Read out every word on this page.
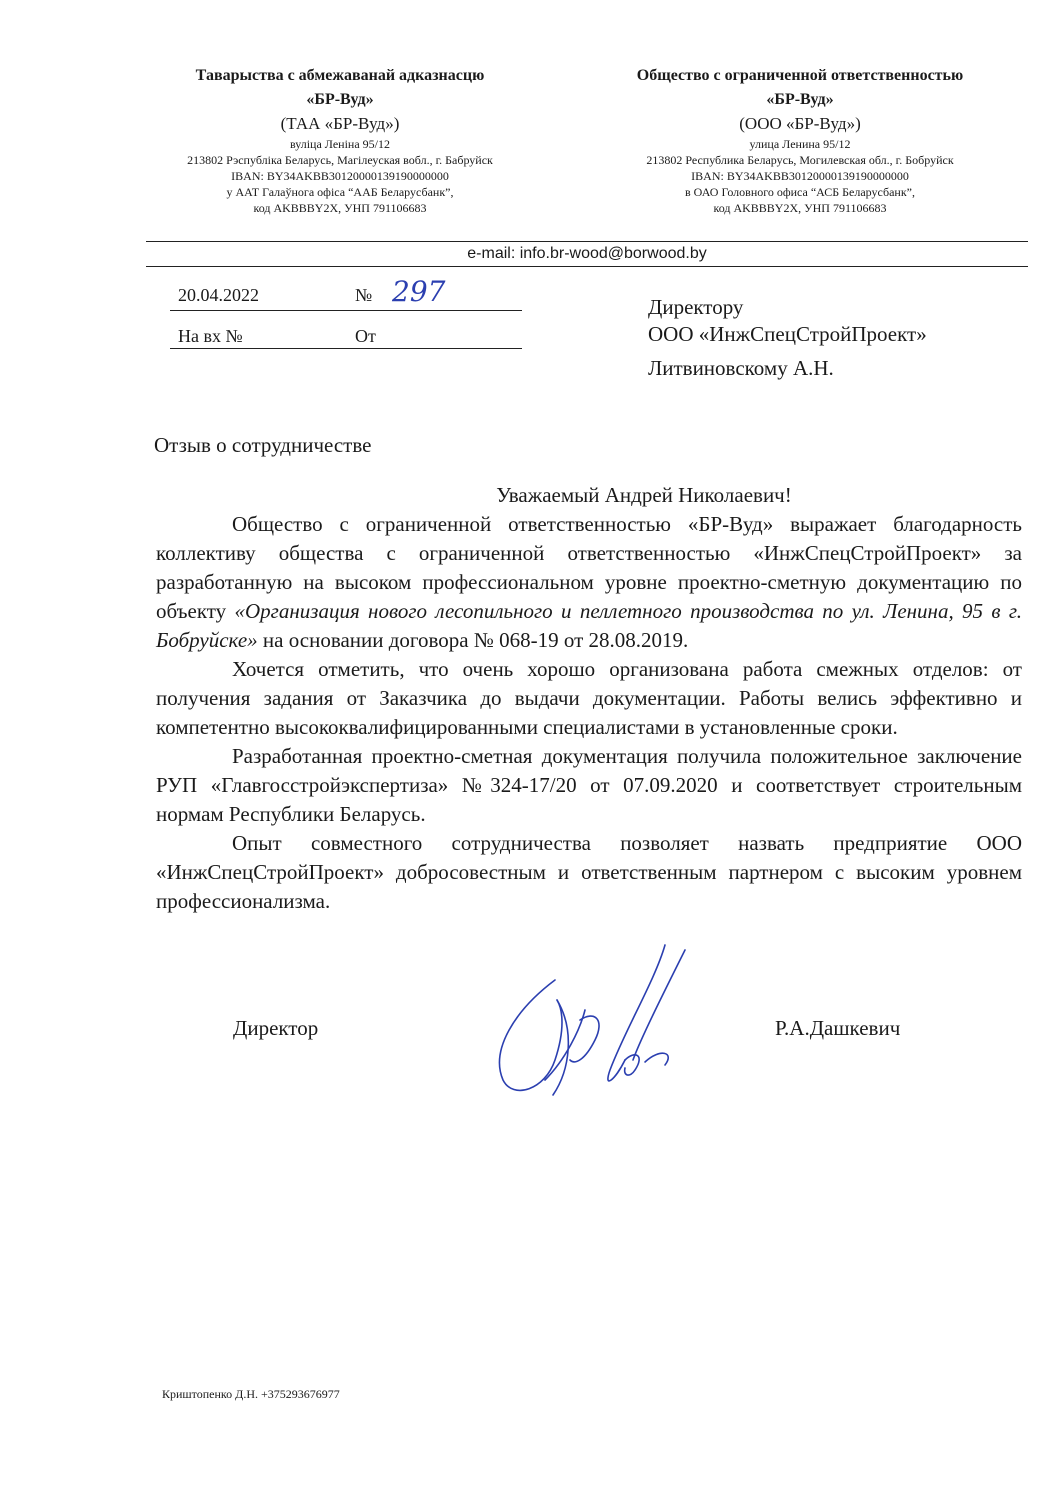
Таварыства с абмежаванай адказнасцю
«БР-Вуд»
(ТАА «БР-Вуд»)
вуліца Леніна 95/12
213802 Рэспубліка Беларусь, Магілеуская вобл., г. Бабруйск
IBAN: BY34AKBB30120000139190000000
у ААТ Галаўнога офіса “ААБ Беларусбанк”,
код AKBBBY2X, УНП 791106683
Общество с ограниченной ответственностью
«БР-Вуд»
(ООО «БР-Вуд»)
улица Ленина 95/12
213802 Республика Беларусь, Могилевская обл., г. Бобруйск
IBAN: BY34AKBB30120000139190000000
в ОАО Головного офиса “АСБ Беларусбанк”,
код AKBBBY2X, УНП 791106683
e-mail: info.br-wood@borwood.by
20.04.2022	№ 297
На вх №	От
Директору
ООО «ИнжСпецСтройПроект»
Литвиновскому А.Н.
Отзыв о сотрудничестве
Уважаемый Андрей Николаевич!

Общество с ограниченной ответственностью «БР-Вуд» выражает благодарность коллективу общества с ограниченной ответственностью «ИнжСпецСтройПроект» за разработанную на высоком профессиональном уровне проектно-сметную документацию по объекту «Организация нового лесопильного и пеллетного производства по ул. Ленина, 95 в г. Бобруйске» на основании договора № 068-19 от 28.08.2019.

Хочется отметить, что очень хорошо организована работа смежных отделов: от получения задания от Заказчика до выдачи документации. Работы велись эффективно и компетентно высококвалифицированными специалистами в установленные сроки.

Разработанная проектно-сметная документация получила положительное заключение РУП «Главгосстройэкспертиза» №324-17/20 от 07.09.2020 и соответствует строительным нормам Республики Беларусь.

Опыт совместного сотрудничества позволяет назвать предприятие ООО «ИнжСпецСтройПроект» добросовестным и ответственным партнером с высоким уровнем профессионализма.

Директор	Р.А.Дашкевич
Криштопенко Д.Н. +375293676977
